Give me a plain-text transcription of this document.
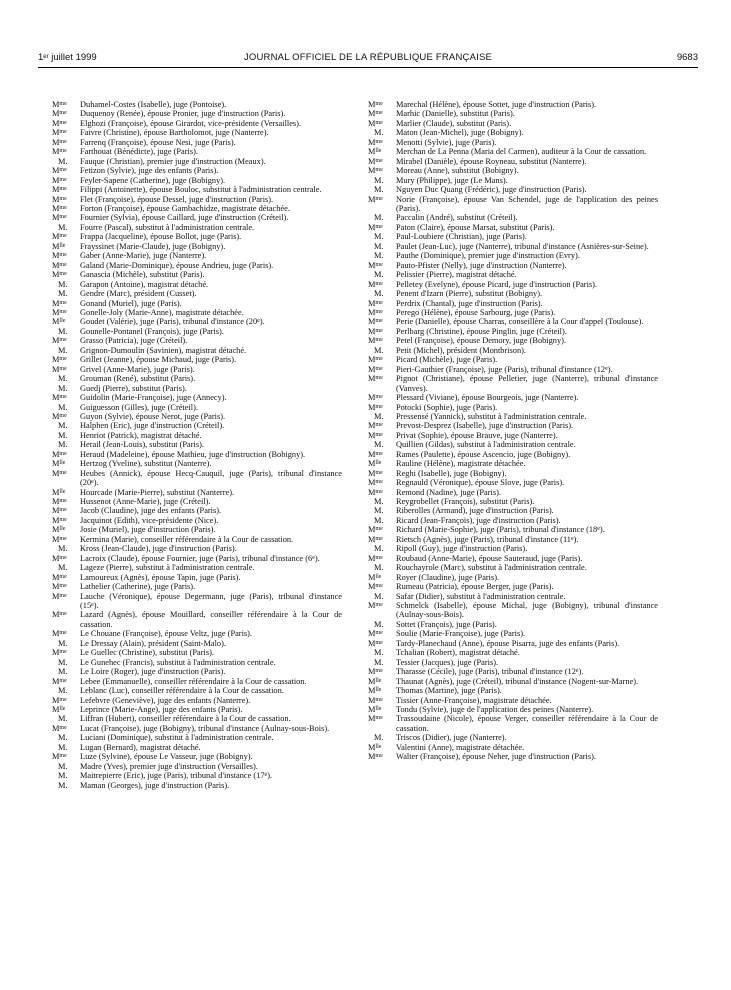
1er juillet 1999	JOURNAL OFFICIEL DE LA RÉPUBLIQUE FRANÇAISE	9683
$M^{me}$ Duhamel-Costes (Isabelle), juge (Pontoise).
$M^{me}$ Duquenoy (Renée), épouse Pronier, juge d'instruction (Paris).
$M^{me}$ Elghozi (Françoise), épouse Girardot, vice-présidente (Versailles).
$M^{me}$ Faivre (Christine), épouse Bartholomot, juge (Nanterre).
$M^{me}$ Farrenq (Françoise), épouse Nesi, juge (Paris).
$M^{me}$ Farthouat (Bénédicte), juge (Paris).
M. Fauque (Christian), premier juge d'instruction (Meaux).
$M^{me}$ Fetizon (Sylvie), juge des enfants (Paris).
$M^{me}$ Feyler-Sapene (Catherine), juge (Bobigny).
$M^{me}$ Filippi (Antoinette), épouse Bouloc, substitut à l'administration centrale.
$M^{me}$ Flet (Françoise), épouse Dessel, juge d'instruction (Paris).
$M^{me}$ Forton (Françoise), épouse Gambachidze, magistrate détachée.
$M^{me}$ Fournier (Sylvia), épouse Caillard, juge d'instruction (Créteil).
M. Fourre (Pascal), substitut à l'administration centrale.
$M^{me}$ Frappa (Jacqueline), épouse Bollot, juge (Paris).
$M^{lle}$ Frayssinet (Marie-Claude), juge (Bobigny).
$M^{me}$ Gaber (Anne-Marie), juge (Nanterre).
$M^{me}$ Galand (Marie-Dominique), épouse Andrieu, juge (Paris).
$M^{me}$ Ganascia (Michèle), substitut (Paris).
M. Garapon (Antoine), magistrat détaché.
M. Gendre (Marc), président (Cusset).
$M^{me}$ Gonand (Muriel), juge (Paris).
$M^{me}$ Gonelle-Joly (Marie-Anne), magistrate détachée.
$M^{lle}$ Goudet (Valérie), juge (Paris), tribunal d'instance (20e).
M. Gounelle-Pontanel (François), juge (Paris).
$M^{me}$ Grasso (Patricia), juge (Créteil).
M. Grignon-Dumoulin (Savinien), magistrat détaché.
$M^{me}$ Grillet (Jeanne), épouse Michaud, juge (Paris).
$M^{me}$ Grivel (Anne-Marie), juge (Paris).
M. Grouman (René), substitut (Paris).
M. Guedj (Pierre), substitut (Paris).
$M^{me}$ Guidolin (Marie-Françoise), juge (Annecy).
M. Guiguesson (Gilles), juge (Créteil).
$M^{me}$ Guyon (Sylvie), épouse Nerot, juge (Paris).
M. Halphen (Eric), juge d'instruction (Créteil).
M. Henriot (Patrick), magistrat détaché.
M. Herail (Jean-Louis), substitut (Paris).
$M^{me}$ Heraud (Madeleine), épouse Mathieu, juge d'instruction (Bobigny).
$M^{lle}$ Hertzog (Yveline), substitut (Nanterre).
$M^{me}$ Heubes (Annick), épouse Hecq-Cauquil, juge (Paris), tribunal d'instance (20e).
$M^{lle}$ Hourcade (Marie-Pierre), substitut (Nanterre).
$M^{me}$ Hussenot (Anne-Marie), juge (Créteil).
$M^{me}$ Jacob (Claudine), juge des enfants (Paris).
$M^{me}$ Jacquinot (Edith), vice-présidente (Nice).
$M^{lle}$ Josie (Muriel), juge d'instruction (Paris).
$M^{me}$ Kermina (Marie), conseiller référendaire à la Cour de cassation.
M. Kross (Jean-Claude), juge d'instruction (Paris).
$M^{me}$ Lacroix (Claude), épouse Fournier, juge (Paris), tribunal d'instance (6e).
M. Lageze (Pierre), substitut à l'administration centrale.
$M^{me}$ Lamoureux (Agnès), épouse Tapin, juge (Paris).
$M^{me}$ Lathelier (Catherine), juge (Paris).
$M^{me}$ Lauche (Véronique), épouse Degermann, juge (Paris), tribunal d'instance (15e).
$M^{me}$ Lazard (Agnès), épouse Mouillard, conseiller référendaire à la Cour de cassation.
$M^{me}$ Le Chouane (Françoise), épouse Veltz, juge (Paris).
M. Le Dressay (Alain), président (Saint-Malo).
$M^{me}$ Le Guellec (Christine), substitut (Paris).
M. Le Gunehec (Francis), substitut à l'administration centrale.
M. Le Loire (Roger), juge d'instruction (Paris).
$M^{me}$ Lebee (Emmanuelle), conseiller référendaire à la Cour de cassation.
M. Leblanc (Luc), conseiller référendaire à la Cour de cassation.
$M^{me}$ Lefebvre (Geneviève), juge des enfants (Nanterre).
$M^{lle}$ Leprince (Marie-Ange), juge des enfants (Paris).
M. Liffran (Hubert), conseiller référendaire à la Cour de cassation.
$M^{me}$ Lucat (Françoise), juge (Bobigny), tribunal d'instance (Aulnay-sous-Bois).
M. Luciani (Dominique), substitut à l'administration centrale.
M. Lugan (Bernard), magistrat détaché.
$M^{me}$ Luze (Sylvine), épouse Le Vasseur, juge (Bobigny).
M. Madre (Yves), premier juge d'instruction (Versailles).
M. Maitrepierre (Eric), juge (Paris), tribunal d'instance (17e).
M. Maman (Georges), juge d'instruction (Paris).
$M^{me}$ Marechal (Hélène), épouse Sottet, juge d'instruction (Paris).
$M^{me}$ Marhic (Danielle), substitut (Paris).
$M^{me}$ Marlier (Claude), substitut (Paris).
M. Maton (Jean-Michel), juge (Bobigny).
$M^{me}$ Menotti (Sylvie), juge (Paris).
$M^{lle}$ Merchan de La Penna (Maria del Carmen), auditeur à la Cour de cassation.
$M^{me}$ Mirabel (Danièle), épouse Royneau, substitut (Nanterre).
$M^{me}$ Moreau (Anne), substitut (Bobigny).
M. Mury (Philippe), juge (Le Mans).
M. Nguyen Duc Quang (Frédéric), juge d'instruction (Paris).
$M^{me}$ Norie (Françoise), épouse Van Schendel, juge de l'application des peines (Paris).
M. Paccalin (André), substitut (Créteil).
$M^{me}$ Paton (Claire), épouse Marsat, substitut (Paris).
M. Paul-Loubiere (Christian), juge (Paris).
M. Paulet (Jean-Luc), juge (Nanterre), tribunal d'instance (Asnières-sur-Seine).
M. Pauthe (Dominique), premier juge d'instruction (Evry).
$M^{me}$ Pauto-Pfister (Nelly), juge d'instruction (Nanterre).
M. Pelissier (Pierre), magistrat détaché.
$M^{me}$ Pelletey (Evelyne), épouse Picard, juge d'instruction (Paris).
M. Penent d'Izarn (Pierre), substitut (Bobigny).
$M^{me}$ Perdrix (Chantal), juge d'instruction (Paris).
$M^{me}$ Perego (Hélène), épouse Sarbourg, juge (Paris).
$M^{me}$ Perie (Danielle), épouse Charras, conseillère à la Cour d'appel (Toulouse).
$M^{me}$ Perlbarg (Christine), épouse Pinglin, juge (Créteil).
$M^{me}$ Petel (Françoise), épouse Demory, juge (Bobigny).
M. Petit (Michel), président (Montbrison).
$M^{me}$ Picard (Michèle), juge (Paris).
$M^{me}$ Pieri-Gauthier (Françoise), juge (Paris), tribunal d'instance (12e).
$M^{me}$ Pignot (Christiane), épouse Pelletier, juge (Nanterre), tribunal d'instance (Vanves).
$M^{me}$ Plessard (Viviane), épouse Bourgeois, juge (Nanterre).
$M^{me}$ Potocki (Sophie), juge (Paris).
M. Pressensé (Yannick), substitut à l'administration centrale.
$M^{me}$ Prevost-Desprez (Isabelle), juge d'instruction (Paris).
$M^{me}$ Privat (Sophie), épouse Brauve, juge (Nanterre).
M. Quillien (Gildas), substitut à l'administration centrale.
$M^{me}$ Rames (Paulette), épouse Ascencio, juge (Bobigny).
$M^{lle}$ Rauline (Hélène), magistrate détachée.
$M^{me}$ Reghi (Isabelle), juge (Bobigny).
$M^{me}$ Regnauld (Véronique), épouse Slove, juge (Paris).
$M^{me}$ Remond (Nadine), juge (Paris).
M. Reygrobellet (François), substitut (Paris).
M. Riberolles (Armand), juge d'instruction (Paris).
M. Ricard (Jean-François), juge d'instruction (Paris).
$M^{me}$ Richard (Marie-Sophie), juge (Paris), tribunal d'instance (18e).
$M^{me}$ Rietsch (Agnès), juge (Paris), tribunal d'instance (11e).
M. Ripoll (Guy), juge d'instruction (Paris).
$M^{me}$ Roubaud (Anne-Marie), épouse Sauteraud, juge (Paris).
M. Rouchayrole (Marc), substitut à l'administration centrale.
$M^{lle}$ Royer (Claudine), juge (Paris).
$M^{me}$ Rumeau (Patricia), épouse Berger, juge (Paris).
M. Safar (Didier), substitut à l'administration centrale.
$M^{me}$ Schmelck (Isabelle), épouse Michal, juge (Bobigny), tribunal d'instance (Aulnay-sous-Bois).
M. Sottet (François), juge (Paris).
$M^{me}$ Soulie (Marie-Françoise), juge (Paris).
$M^{me}$ Tardy-Planechaud (Anne), épouse Pisarra, juge des enfants (Paris).
M. Tchalian (Robert), magistrat détaché.
M. Tessier (Jacques), juge (Paris).
$M^{me}$ Tharasse (Cécile), juge (Paris), tribunal d'instance (12e).
$M^{lle}$ Thaunat (Agnès), juge (Créteil), tribunal d'instance (Nogent-sur-Marne).
$M^{lle}$ Thomas (Martine), juge (Paris).
$M^{me}$ Tissier (Anne-Françoise), magistrate détachée.
$M^{lle}$ Tondu (Sylvie), juge de l'application des peines (Nanterre).
$M^{me}$ Trassoudaine (Nicole), épouse Verger, conseiller référendaire à la Cour de cassation.
M. Triscos (Didier), juge (Nanterre).
$M^{lle}$ Valentini (Anne), magistrate détachée.
$M^{me}$ Walter (Françoise), épouse Neher, juge d'instruction (Paris).
